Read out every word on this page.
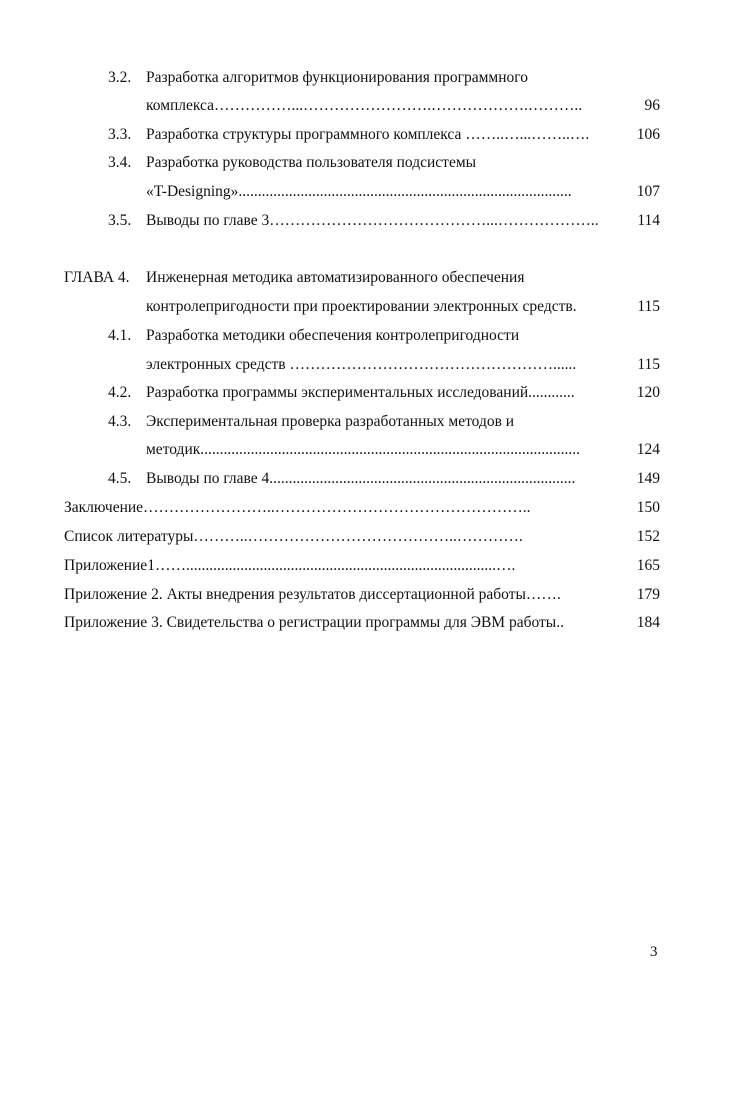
3.2. Разработка алгоритмов функционирования программного
комплекса……………...…………………….……………….………..	96
3.3. Разработка структуры программного комплекса ……..…...……..….	106
3.4. Разработка руководства пользователя подсистемы
«T-Designing»......................................................................................	107
3.5. Выводы по главе 3……………………………………...………………..	114
ГЛАВА 4. Инженерная методика автоматизированного обеспечения
контролепригодности при проектировании электронных средств.	115
4.1. Разработка методики обеспечения контролепригодности
электронных средств ……………………………………………......	115
4.2. Разработка программы экспериментальных исследований............	120
4.3. Экспериментальная проверка разработанных методов и
методик..................................................................................................	124
4.5. Выводы по главе 4...............................................................................	149
Заключение……………………..…………………………………………..	150
Список литературы………..…………………………………..………….	152
Приложение1……................................................................................….	165
Приложение 2. Акты внедрения результатов диссертационной работы…….	179
Приложение 3. Свидетельства о регистрации программы для ЭВМ работы..	184
3
